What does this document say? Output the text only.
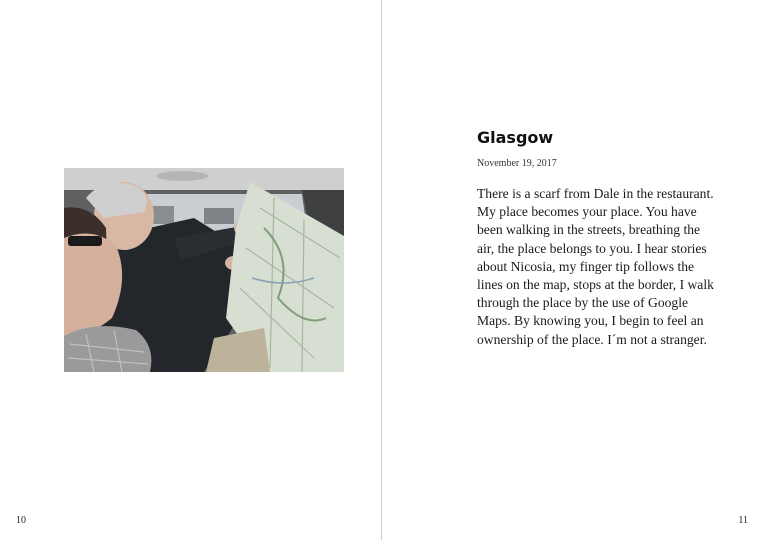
10
Glasgow
November 19, 2017

There is a scarf from Dale in the restaurant. My place becomes your place. You have been walking in the streets, breathing the air, the place belongs to you. I hear stories about Nicosia, my finger tip follows the lines on the map, stops at the border, I walk through the place by the use of Google Maps. By knowing you, I begin to feel an ownership of the place. I´m not a stranger.

11
